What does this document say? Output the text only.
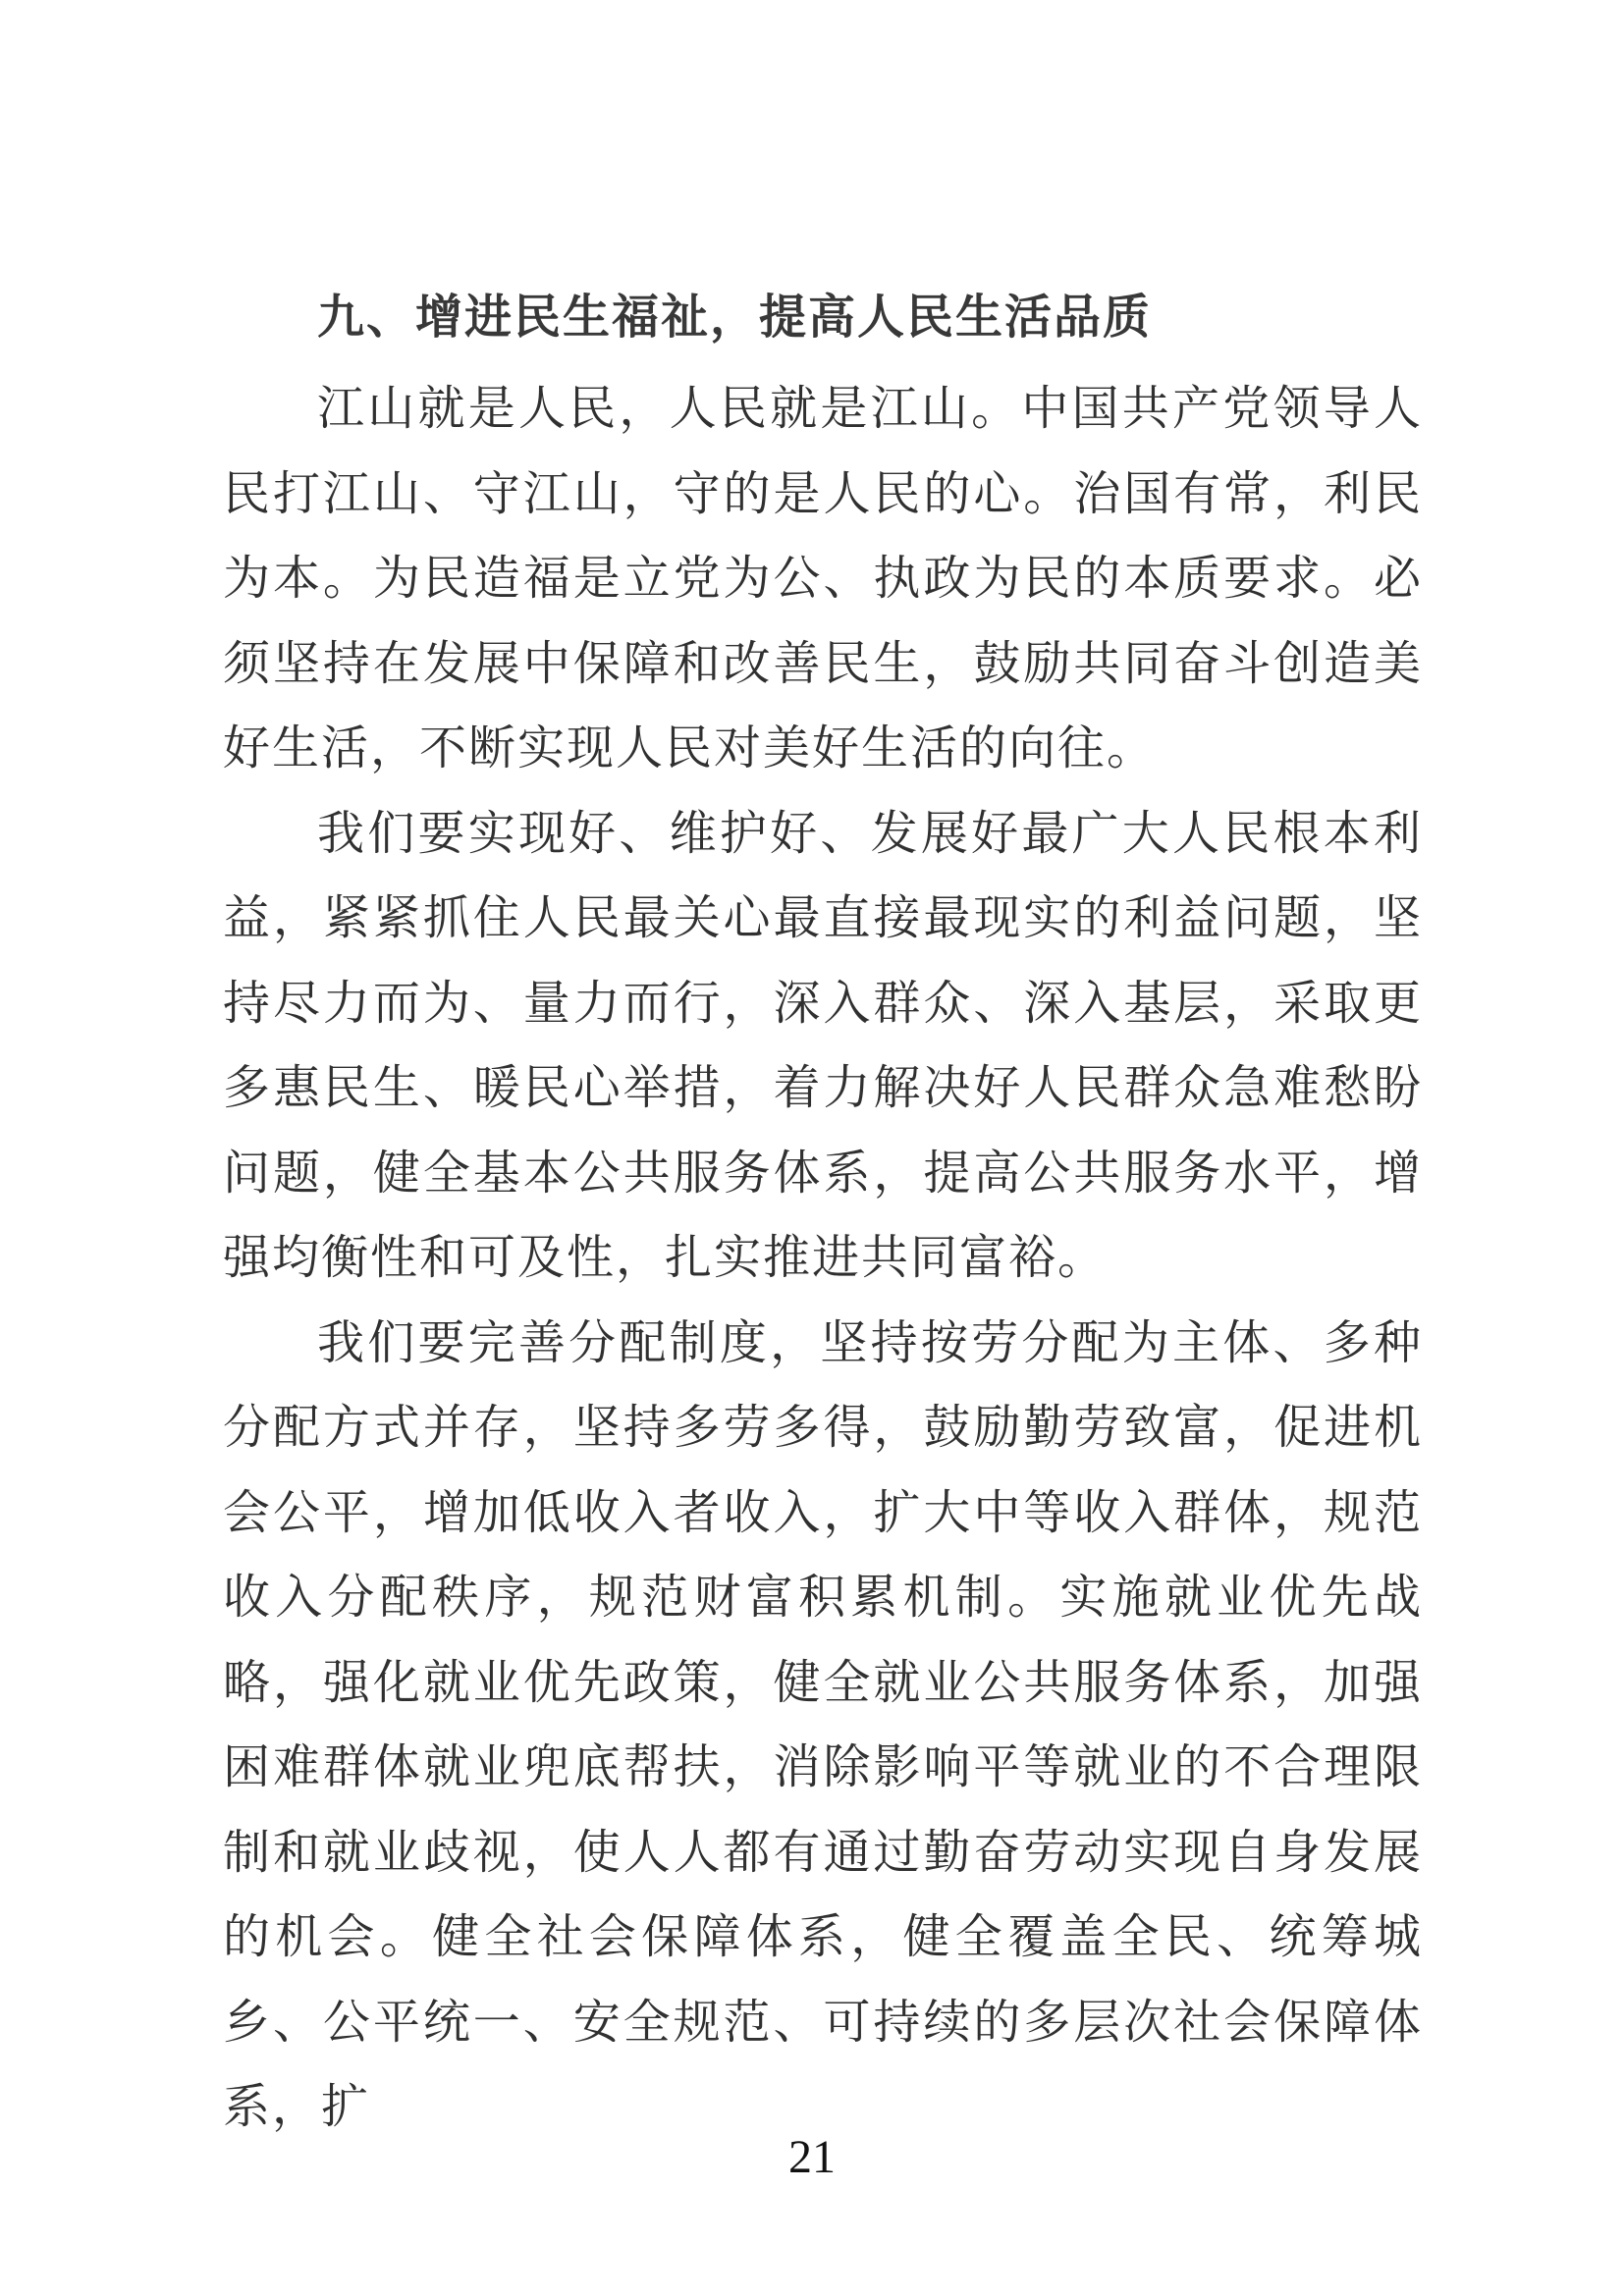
九、增进民生福祉，提高人民生活品质

江山就是人民，人民就是江山。中国共产党领导人民打江山、守江山，守的是人民的心。治国有常，利民为本。为民造福是立党为公、执政为民的本质要求。必须坚持在发展中保障和改善民生，鼓励共同奋斗创造美好生活，不断实现人民对美好生活的向往。

我们要实现好、维护好、发展好最广大人民根本利益，紧紧抓住人民最关心最直接最现实的利益问题，坚持尽力而为、量力而行，深入群众、深入基层，采取更多惠民生、暖民心举措，着力解决好人民群众急难愁盼问题，健全基本公共服务体系，提高公共服务水平，增强均衡性和可及性，扎实推进共同富裕。

我们要完善分配制度，坚持按劳分配为主体、多种分配方式并存，坚持多劳多得，鼓励勤劳致富，促进机会公平，增加低收入者收入，扩大中等收入群体，规范收入分配秩序，规范财富积累机制。实施就业优先战略，强化就业优先政策，健全就业公共服务体系，加强困难群体就业兜底帮扶，消除影响平等就业的不合理限制和就业歧视，使人人都有通过勤奋劳动实现自身发展的机会。健全社会保障体系，健全覆盖全民、统筹城乡、公平统一、安全规范、可持续的多层次社会保障体系，扩

21
